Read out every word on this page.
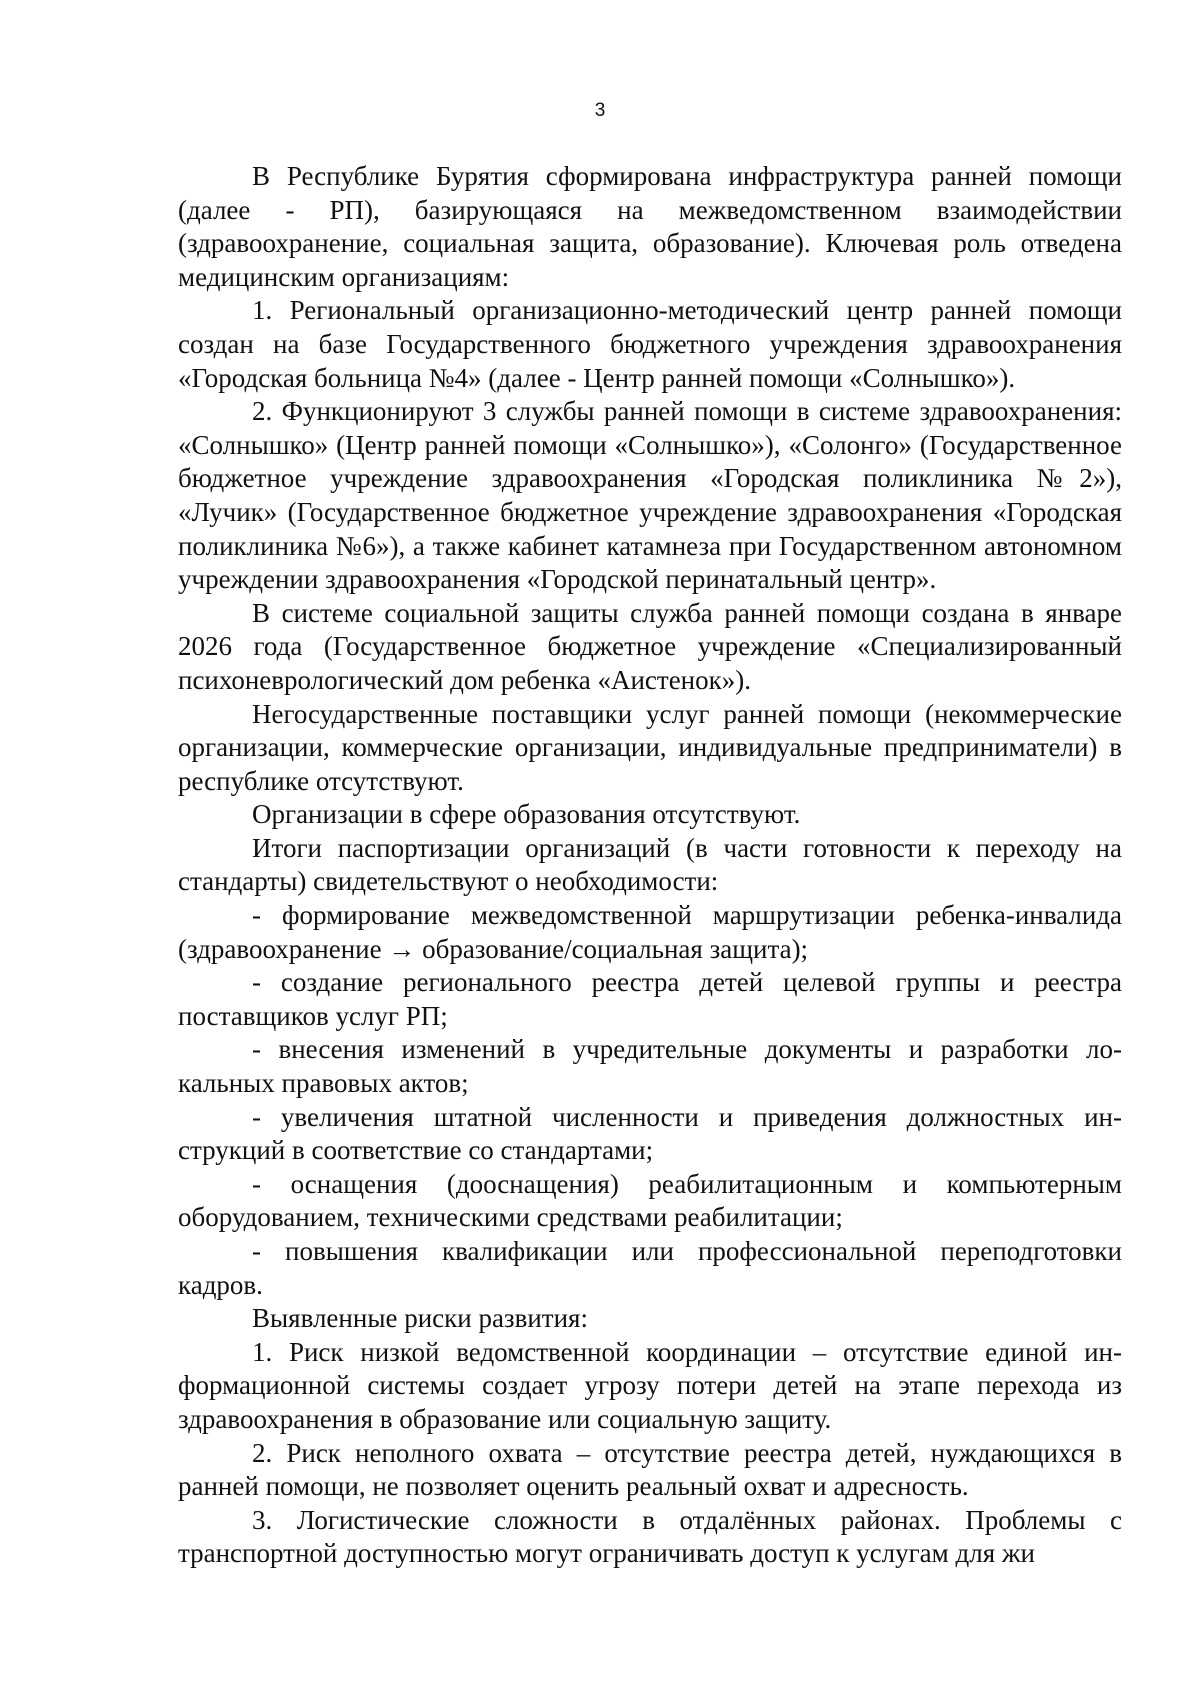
3

В Республике Бурятия сформирована инфраструктура ранней помощи (далее - РП), базирующаяся на межведомственном взаимодействии (здравоохранение, социальная защита, образование). Ключевая роль отведена медицинским организациям:

1. Региональный организационно-методический центр ранней помощи создан на базе Государственного бюджетного учреждения здравоохранения «Городская больница №4» (далее - Центр ранней помощи «Солнышко»).

2. Функционируют 3 службы ранней помощи в системе здравоохранения: «Солнышко» (Центр ранней помощи «Солнышко»), «Солонго» (Государственное бюджетное учреждение здравоохранения «Городская поликлиника №2»), «Лучик» (Государственное бюджетное учреждение здравоохранения «Городская поликлиника №6»), а также кабинет катамнеза при Государственном автономном учреждении здравоохранения «Городской перинатальный центр».

В системе социальной защиты служба ранней помощи создана в январе 2026 года (Государственное бюджетное учреждение «Специализированный психоневрологический дом ребенка «Аистенок»).

Негосударственные поставщики услуг ранней помощи (некоммерческие организации, коммерческие организации, индивидуальные предприниматели) в республике отсутствуют.

Организации в сфере образования отсутствуют.

Итоги паспортизации организаций (в части готовности к переходу на стандарты) свидетельствуют о необходимости:

- формирование межведомственной маршрутизации ребенка-инвалида (здравоохранение → образование/социальная защита);

- создание регионального реестра детей целевой группы и реестра поставщиков услуг РП;

- внесения изменений в учредительные документы и разработки локальных правовых актов;

- увеличения штатной численности и приведения должностных инструкций в соответствие со стандартами;

- оснащения (дооснащения) реабилитационным и компьютерным оборудованием, техническими средствами реабилитации;

- повышения квалификации или профессиональной переподготовки кадров.

Выявленные риски развития:

1. Риск низкой ведомственной координации – отсутствие единой информационной системы создает угрозу потери детей на этапе перехода из здравоохранения в образование или социальную защиту.

2. Риск неполного охвата – отсутствие реестра детей, нуждающихся в ранней помощи, не позволяет оценить реальный охват и адресность.

3. Логистические сложности в отдалённых районах. Проблемы с транспортной доступностью могут ограничивать доступ к услугам для жи
